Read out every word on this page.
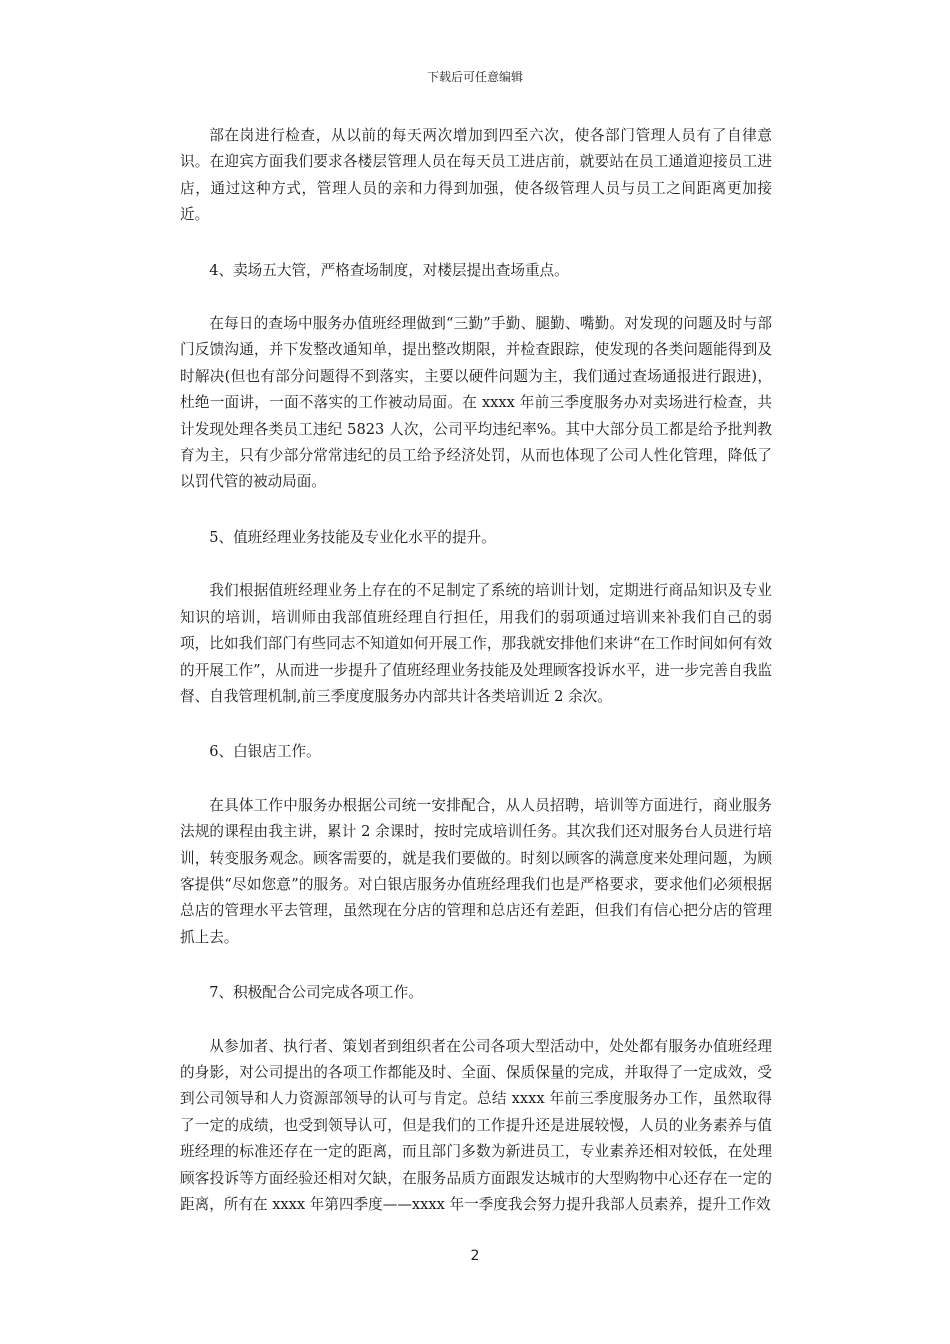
下载后可任意编辑

部在岗进行检查，从以前的每天两次增加到四至六次，使各部门管理人员有了自律意识。在迎宾方面我们要求各楼层管理人员在每天员工进店前，就要站在员工通道迎接员工进店，通过这种方式，管理人员的亲和力得到加强，使各级管理人员与员工之间距离更加接近。

4、卖场五大管，严格查场制度，对楼层提出查场重点。

在每日的查场中服务办值班经理做到“三勤”手勤、腿勤、嘴勤。对发现的问题及时与部门反馈沟通，并下发整改通知单，提出整改期限，并检查跟踪，使发现的各类问题能得到及时解决(但也有部分问题得不到落实，主要以硬件问题为主，我们通过查场通报进行跟进)，杜绝一面讲，一面不落实的工作被动局面。在 xxxx 年前三季度服务办对卖场进行检查，共计发现处理各类员工违纪 5823 人次，公司平均违纪率%。其中大部分员工都是给予批判教育为主，只有少部分常常违纪的员工给予经济处罚，从而也体现了公司人性化管理，降低了以罚代管的被动局面。

5、值班经理业务技能及专业化水平的提升。

我们根据值班经理业务上存在的不足制定了系统的培训计划，定期进行商品知识及专业知识的培训，培训师由我部值班经理自行担任，用我们的弱项通过培训来补我们自己的弱项，比如我们部门有些同志不知道如何开展工作，那我就安排他们来讲“在工作时间如何有效的开展工作”，从而进一步提升了值班经理业务技能及处理顾客投诉水平，进一步完善自我监督、自我管理机制,前三季度度服务办内部共计各类培训近 2 余次。

6、白银店工作。

在具体工作中服务办根据公司统一安排配合，从人员招聘，培训等方面进行，商业服务法规的课程由我主讲，累计 2 余课时，按时完成培训任务。其次我们还对服务台人员进行培训，转变服务观念。顾客需要的，就是我们要做的。时刻以顾客的满意度来处理问题，为顾客提供“尽如您意”的服务。对白银店服务办值班经理我们也是严格要求，要求他们必须根据总店的管理水平去管理，虽然现在分店的管理和总店还有差距，但我们有信心把分店的管理抓上去。

7、积极配合公司完成各项工作。

从参加者、执行者、策划者到组织者在公司各项大型活动中，处处都有服务办值班经理的身影，对公司提出的各项工作都能及时、全面、保质保量的完成，并取得了一定成效，受到公司领导和人力资源部领导的认可与肯定。总结 xxxx 年前三季度服务办工作，虽然取得了一定的成绩，也受到领导认可，但是我们的工作提升还是进展较慢，人员的业务素养与值班经理的标准还存在一定的距离，而且部门多数为新进员工，专业素养还相对较低，在处理顾客投诉等方面经验还相对欠缺，在服务品质方面跟发达城市的大型购物中心还存在一定的距离，所有在 xxxx 年第四季度——xxxx 年一季度我会努力提升我部人员素养，提升工作效

2
